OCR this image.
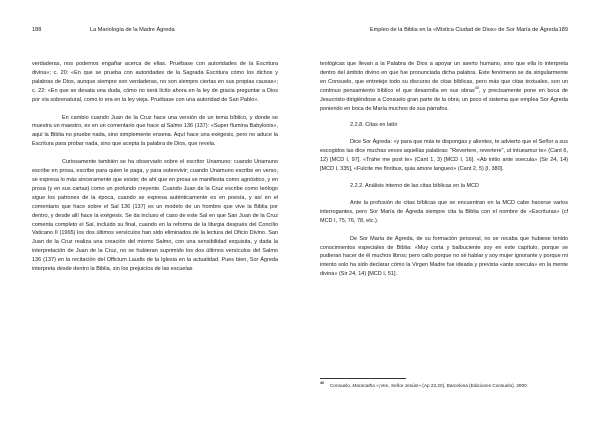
188	La Mariología de la Madre Ágreda

verdaderas, nos podemos engañar acerca de ellas. Pruébase con autoridades de la Escritura divina»; c. 20: «En que se prueba con autoridades de la Sagrada Escritura cómo los dichos y palabras de Dios, aunque siempre son verdaderas, no son siempre ciertas en sus propias causas»; c. 22: «En que se desata una duda, cómo no será lícito ahora en la ley de gracia preguntar a Dios por vía sobrenatural, como lo era en la ley vieja. Pruébase con una autoridad de San Pablo».

En cambio cuando Juan de la Cruz hace una versión de un tema bíblico, y donde se muestra un maestro, es en un comentario que hace al Salmo 136 (137): «Super flumina Babylonis», aquí la Biblia no pruebe nada, sino simplemente ensena. Aquí hace una exégesis, pero no aduce la Escritura para probar nada, sino que acepta la palabra de Dios, que revela.

Curiosamente también se ha observado sobre el escritor Unamuno: cuando Unamuno escribe en prosa, escribe para quien le paga, y para sobrevivir; cuando Unamuno escribe en verso, se expresa lo más sinceramente que existe; de ahí que en prosa se manifiesta como agnóstico, y en prosa (y en sus cartas) como un profundo creyente. Cuando Juan de la Cruz escribe como teólogo sigue los patrones de la época, cuando se expresa auténticamente es en poesía, y así en el comentario que hace sobre el Sal 136 (137) es un modelo de un hombre que vive la Biblia por dentro, y desde allí hace la exégesis. Se da incluso el caso de este Sal en que San Juan de la Cruz comenta completo el Sal, incluido su final, cuando en la reforma de la liturgia después del Concilio Vaticano II (1965) los dos últimos versículos han sido eliminados de la lectura del Oficio Divino. San Juan de la Cruz realiza una creación del mismo Salmo, con una sensibilidad exquisita, y dada la interpretación de Juan de la Cruz, no se hubieran suprimido los dos últimos versículos del Salmo 136 (137) en la recitación del Officium Laudis de la Iglesia en la actualidad. Pues bien, Sor Ágreda interpreta desde dentro la Biblia, sin los prejuicios de las escuelas

Empleo de la Biblia en la «Mística Ciudad de Dios» de Sor María de Ágreda 189

teológicas que llevan a la Palabra de Dios a apoyar un aserto humano, sino que ella lo interpreta dentro del ámbito divino en que fue pronunciada dicha palabra. Este fenómeno se da singularmente en Consuelo, que entreteje todo su discurso de citas bíblicas, pero más que citas textuales, son un continuo pensamiento bíblico el que desarrolla en sus obras$^{40}$, y precisamente pone en boca de Jesucristo dirigiéndose a Consuelo gran parte de la obra; un poco el sistema que emplea Sor Ágreda poniendo en boca de María muchos de sus párrafos.

2.2.8. Citas en latín

Dice Sor Ágreda: «y para que más te dispongas y alientes, te advierto que el Señor a sus escogidos las dice muchas veces aquellas palabras: "Revertere, revertere", ut intueamur te» (Cant 6, 12) [MCD I, 97]. «Trahe me post te» (Cant 1, 3) [MCD I, 16]. «Ab initio ante soecula» (Sir 24, 14) [MCD I, 335], «Fulcite me floribus, quia amore langueo» (Cant 2, 5) [I, 380].

2.2.2. Análisis interno de las citas bíblicas en la MCD

Ante la profusión de citas bíblicas que se encuentran en la MCD cabe hacerse varios interrogantes, pero Sor María de Ágreda siempre cita la Biblia con el nombre de «Escrituras» (cf MCD I, 75, 76, 78, etc.).

De Sor María de Ágreda, de su formación personal, no se recaba que hubiese tenido conocimientos especiales de Biblia: «Muy corta y balbuciente soy en este capítulo, porque se pudieran hacer de él muchos libros; pero callo porque no sé hablar y soy mujer ignorante y porque mi intento solo ha sido declarar cómo la Virgen Madre fue ideada y prevista «ante soecula» en la mente divina» (Sir 24, 14) [MCD I, 51].

$^{40}$ Consuelo, Maranatha «¡Ven, Señor Jesús!» (Ap 22,20), Barcelona (Ediciones Consuelo). 2000
